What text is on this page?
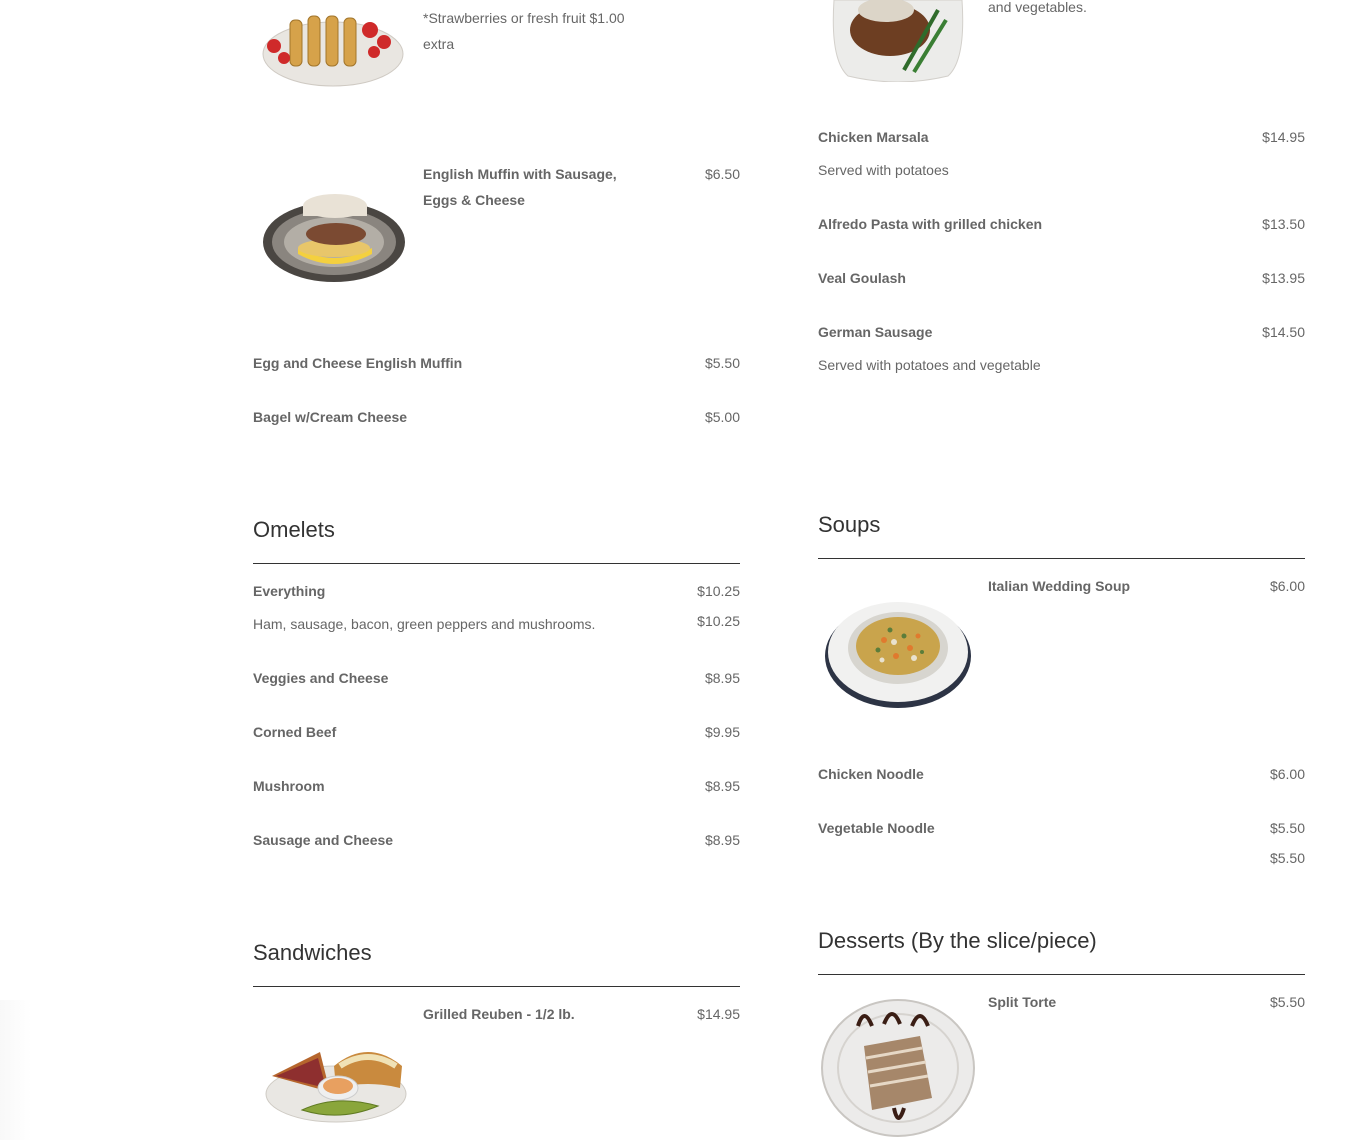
*Strawberries or fresh fruit $1.00 extra
English Muffin with Sausage, Eggs & Cheese
$6.50
Egg and Cheese English Muffin	$5.50
Bagel w/Cream Cheese	$5.00
and vegetables.
Chicken Marsala	$14.95
Served with potatoes
Alfredo Pasta with grilled chicken	$13.50
Veal Goulash	$13.95
German Sausage	$14.50
Served with potatoes and vegetable
Omelets
Everything	$10.25
Ham, sausage, bacon, green peppers and mushrooms.	$10.25
Veggies and Cheese	$8.95
Corned Beef	$9.95
Mushroom	$8.95
Sausage and Cheese	$8.95
Soups
Italian Wedding Soup	$6.00
Chicken Noodle	$6.00
Vegetable Noodle	$5.50
$5.50
Sandwiches
Grilled Reuben - 1/2 lb.	$14.95
Desserts (By the slice/piece)
Split Torte	$5.50
